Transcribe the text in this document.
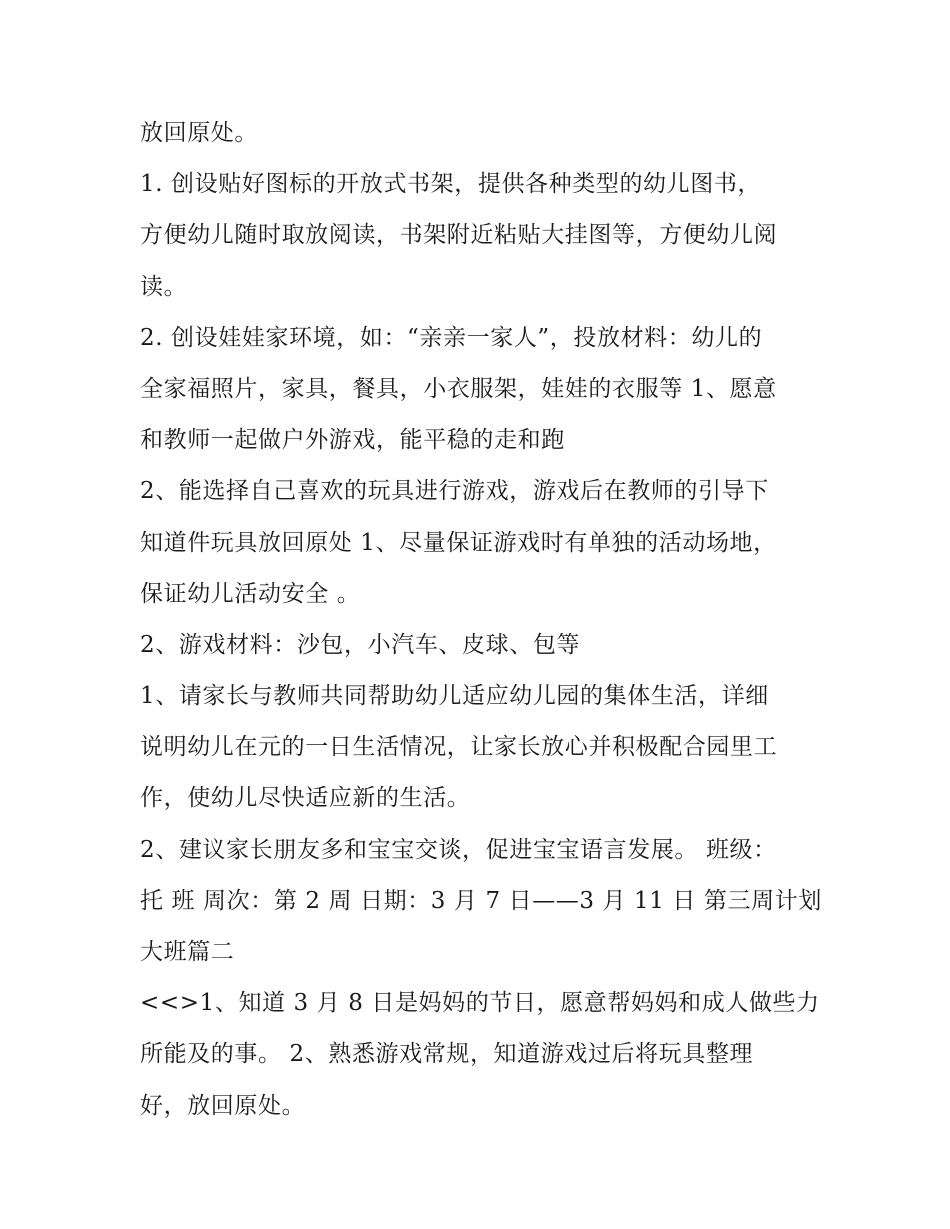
放回原处。
1. 创设贴好图标的开放式书架，提供各种类型的幼儿图书，
方便幼儿随时取放阅读，书架附近粘贴大挂图等，方便幼儿阅
读。
2. 创设娃娃家环境，如：“亲亲一家人”，投放材料：幼儿的
全家福照片，家具，餐具，小衣服架，娃娃的衣服等 1、愿意
和教师一起做户外游戏，能平稳的走和跑
2、能选择自己喜欢的玩具进行游戏，游戏后在教师的引导下
知道件玩具放回原处 1、尽量保证游戏时有单独的活动场地，
保证幼儿活动安全 。
2、游戏材料：沙包，小汽车、皮球、包等
1、请家长与教师共同帮助幼儿适应幼儿园的集体生活，详细
说明幼儿在元的一日生活情况，让家长放心并积极配合园里工
作，使幼儿尽快适应新的生活。
2、建议家长朋友多和宝宝交谈，促进宝宝语言发展。 班级：
托 班 周次：第 2 周 日期：3 月 7 日——3 月 11 日 第三周计划
大班篇二
<<>1、知道 3 月 8 日是妈妈的节日，愿意帮妈妈和成人做些力
所能及的事。 2、熟悉游戏常规，知道游戏过后将玩具整理
好，放回原处。
